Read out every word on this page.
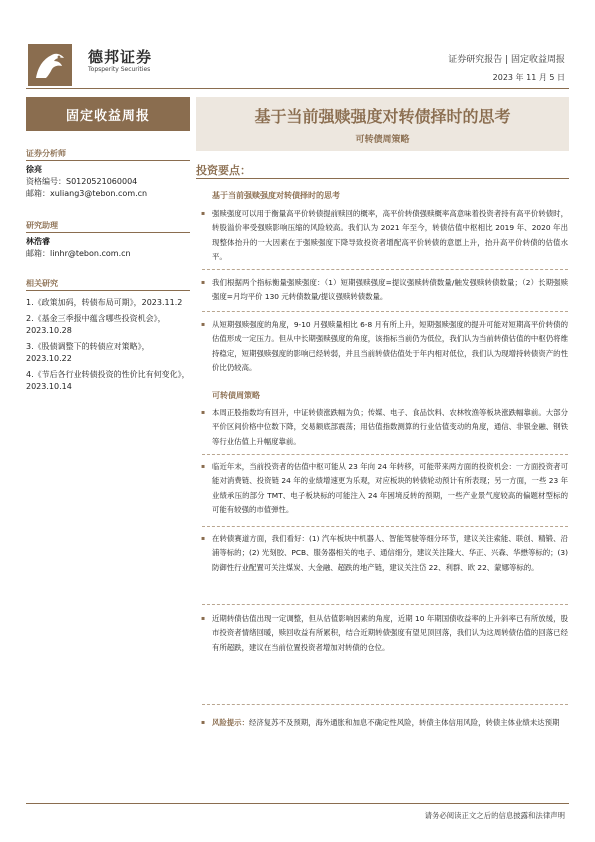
德邦证券
Topsperity Securities
证券研究报告 | 固定收益周报
2023 年 11 月 5 日
固定收益周报
证券分析师
徐亮
资格编号：S0120521060004
邮箱：xuliang3@tebon.com.cn
研究助理
林浩睿
邮箱：linhr@tebon.com.cn
相关研究
1.《政策加码，转债布局可期》，2023.11.2
2.《基金三季报中蕴含哪些投资机会》，2023.10.28
3.《股债调整下的转债应对策略》，2023.10.22
4.《节后各行业转债投资的性价比有何变化》，2023.10.14
基于当前强赎强度对转债择时的思考
可转债周策略
投资要点：
基于当前强赎强度对转债择时的思考
▪ 强赎强度可以用于衡量高平价转债提前赎回的概率，高平价转债强赎概率高意味着投资者持有高平价转债时，转股溢价率受强赎影响压缩的风险较高。我们认为 2021 年至今，转债估值中枢相比 2019 年、2020 年出现整体抬升的一大因素在于强赎强度下降导致投资者增配高平价转债的意愿上升，抬升高平价转债的估值水平。
▪ 我们根据两个指标衡量强赎强度：（1）短期强赎强度=提议强赎转债数量/触发强赎转债数量；（2）长期强赎强度=月均平价 130 元转债数量/提议强赎转债数量。
▪ 从短期强赎强度的角度，9-10 月强赎量相比 6-8 月有所上升，短期强赎强度的提升可能对短期高平价转债的估值形成一定压力。但从中长期强赎强度的角度，该指标当前仍为低位，我们认为当前转债估值的中枢仍将维持稳定，短期强赎强度的影响已经转弱，并且当前转债估值处于年内相对低位，我们认为现增持转债资产的性价比仍较高。
可转债周策略
▪ 本周正股指数均有回升，中证转债涨跌幅为负；传媒、电子、食品饮料、农林牧渔等板块涨跌幅靠前。大部分平价区间价格中位数下降，交易额底部震荡；用估值指数测算的行业估值变动的角度，通信、非银金融、钢铁等行业估值上升幅度靠前。
▪ 临近年末，当前投资者的估值中枢可能从 23 年向 24 年转移，可能带来两方面的投资机会：一方面投资者可能对消费链、投资链 24 年的业绩增速更为乐观，对应板块的转债轮动预计有所表现；另一方面，一些 23 年业绩承压的部分 TMT、电子板块标的可能注入 24 年困境反转的预期，一些产业景气度较高的偏题材型标的可能有较强的市值弹性。
▪ 在转债赛道方面，我们看好：(1) 汽车板块中机器人、智能驾驶等细分环节，建议关注索能、联创、精锻、沿浦等标的；(2) 光刻胶、PCB、服务器相关的电子、通信细分，建议关注隆大、华正、兴森、华懋等标的；(3) 防御性行业配置可关注煤炭、大金融、超跌的地产链，建议关注岱 22、利群、欧 22、蒙娜等标的。
▪ 近期转债估值出现一定调整，但从估值影响因素的角度，近期 10 年期国债收益率的上升斜率已有所放缓，股市投资者情绪回暖，赎回收益有所累积，结合近期转债强度有望见顶回落，我们认为这周转债估值的回落已经有所超跌，建议在当前位置投资者增加对转债的仓位。
▪ 风险提示：经济复苏不及预期，海外通胀和加息不确定性风险，转债主体信用风险，转债主体业绩未达预期
请务必阅读正文之后的信息披露和法律声明
